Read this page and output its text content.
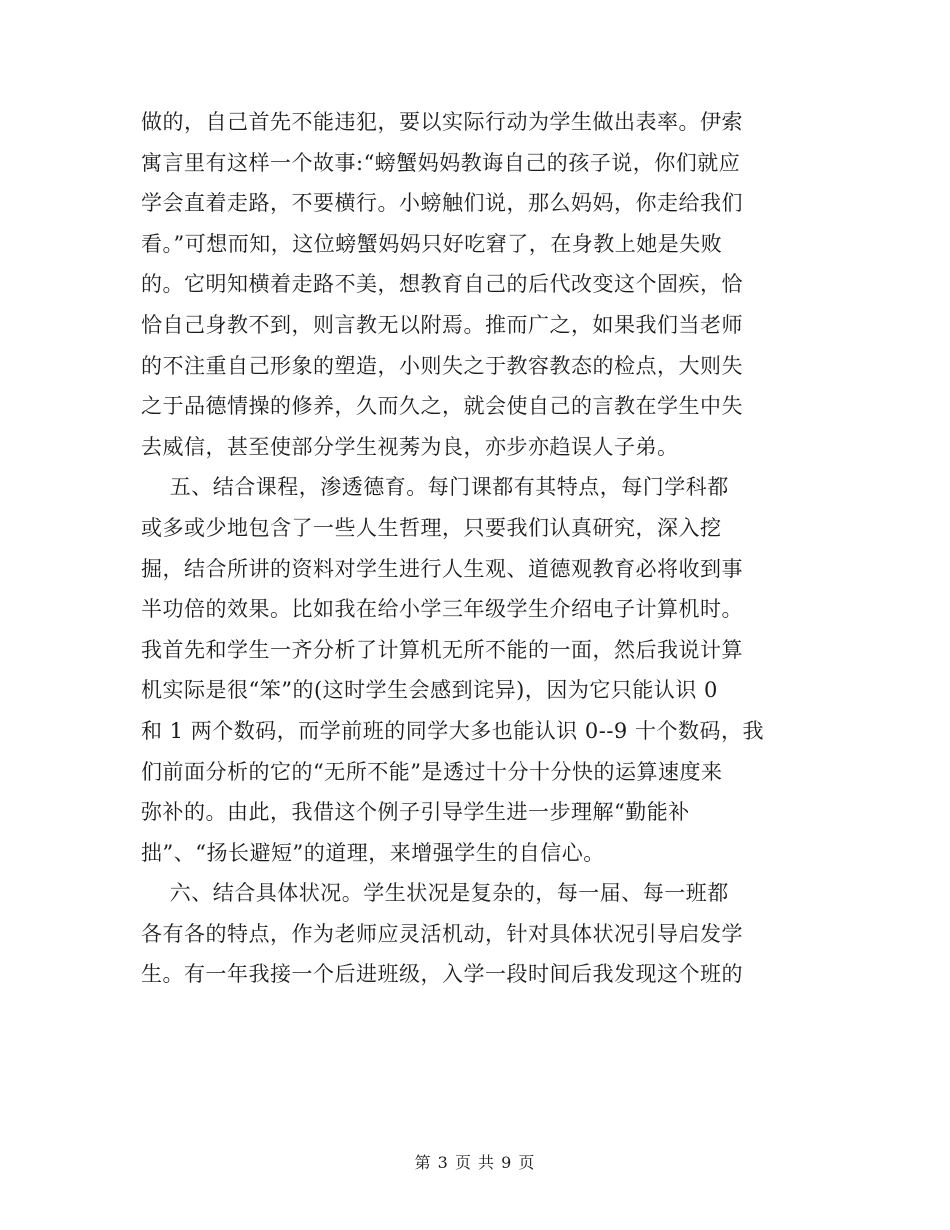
做的，自己首先不能违犯，要以实际行动为学生做出表率。伊索
寓言里有这样一个故事:“螃蟹妈妈教诲自己的孩子说，你们就应
学会直着走路，不要横行。小螃触们说，那么妈妈，你走给我们
看。”可想而知，这位螃蟹妈妈只好吃窘了，在身教上她是失败
的。它明知横着走路不美，想教育自己的后代改变这个固疾，恰
恰自己身教不到，则言教无以附焉。推而广之，如果我们当老师
的不注重自己形象的塑造，小则失之于教容教态的检点，大则失
之于品德情操的修养，久而久之，就会使自己的言教在学生中失
去威信，甚至使部分学生视莠为良，亦步亦趋误人子弟。
五、结合课程，渗透德育。每门课都有其特点，每门学科都
或多或少地包含了一些人生哲理，只要我们认真研究，深入挖
掘，结合所讲的资料对学生进行人生观、道德观教育必将收到事
半功倍的效果。比如我在给小学三年级学生介绍电子计算机时。
我首先和学生一齐分析了计算机无所不能的一面，然后我说计算
机实际是很“笨”的(这时学生会感到诧异)，因为它只能认识 0
和 1 两个数码，而学前班的同学大多也能认识 0--9 十个数码，我
们前面分析的它的“无所不能”是透过十分十分快的运算速度来
弥补的。由此，我借这个例子引导学生进一步理解“勤能补
拙”、“扬长避短”的道理，来增强学生的自信心。
六、结合具体状况。学生状况是复杂的，每一届、每一班都
各有各的特点，作为老师应灵活机动，针对具体状况引导启发学
生。有一年我接一个后进班级，入学一段时间后我发现这个班的
第 3 页 共 9 页
